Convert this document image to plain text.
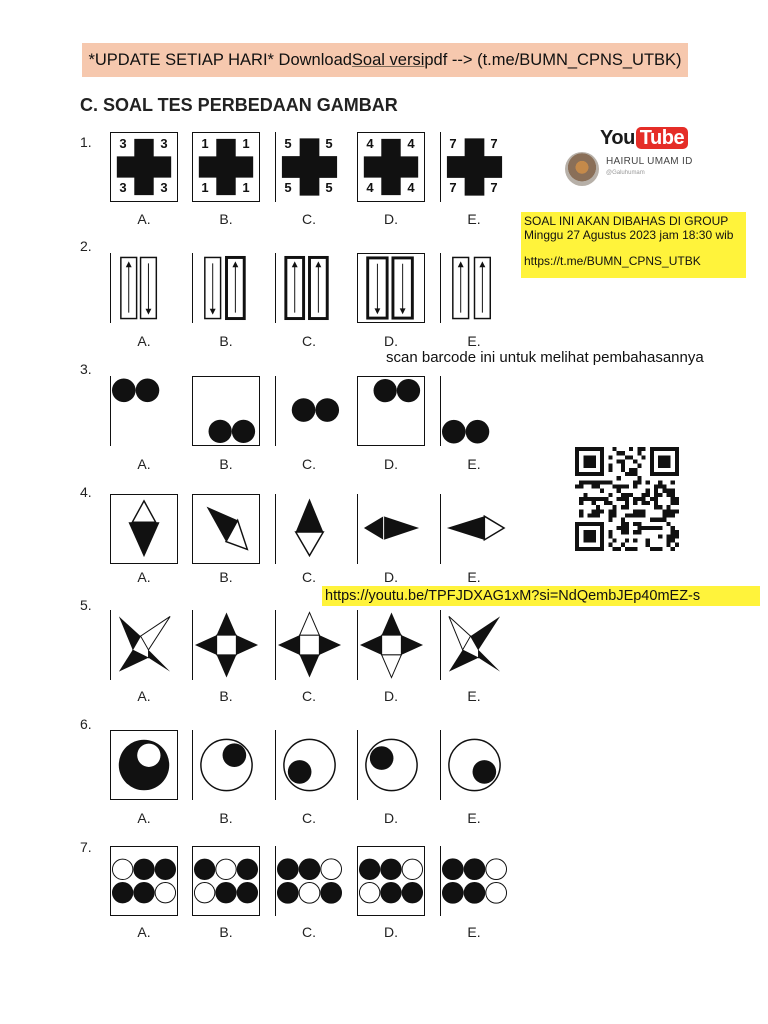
*UPDATE SETIAP HARI* Download Soal versi pdf --> (t.me/BUMN_CPNS_UTBK)
C. SOAL TES PERBEDAAN GAMBAR
1.
2.
3.
4.
5.
6.
7.
3	3
3	3
1	1
1	1
5	5
5	5
4	4
4	4
7	7
7	7
A.	B.	C.	D.	E.
A.	B.	C.	D.	E.
A.	B.	C.	D.	E.
A.	B.	C.	D.	E.
A.	B.	C.	D.	E.
A.	B.	C.	D.	E.
A.	B.	C.	D.	E.
You Tube
HAIRUL UMAM ID
@Galuhumam
SOAL INI AKAN DIBAHAS DI GROUP
Minggu 27 Agustus 2023 jam 18:30 wib
https://t.me/BUMN_CPNS_UTBK
scan barcode ini untuk melihat pembahasannya
https://youtu.be/TPFJDXAG1xM?si=NdQembJEp40mEZ-s
